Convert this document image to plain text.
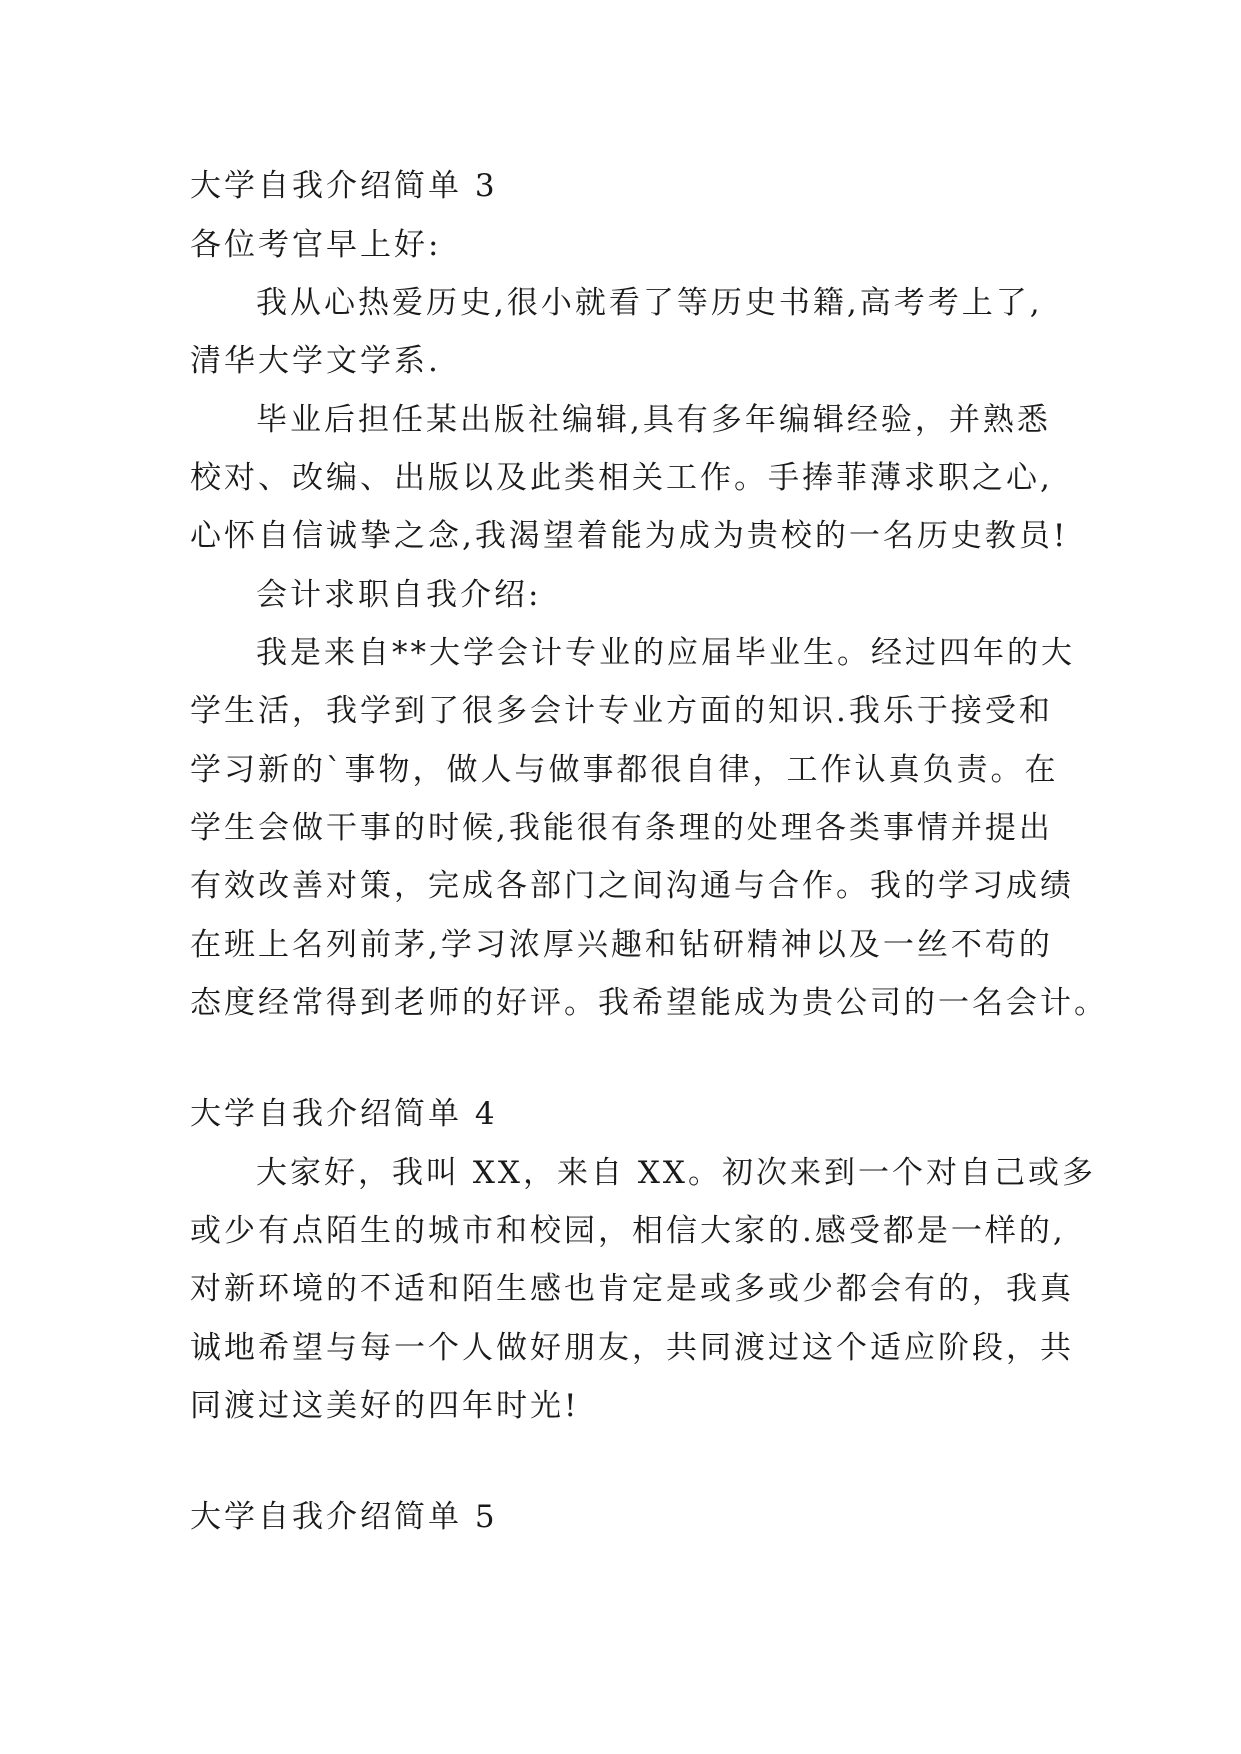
大学自我介绍简单 3
各位考官早上好:
我从心热爱历史,很小就看了等历史书籍,高考考上了,
清华大学文学系.
毕业后担任某出版社编辑,具有多年编辑经验，并熟悉
校对、改编、出版以及此类相关工作。手捧菲薄求职之心,
心怀自信诚挚之念,我渴望着能为成为贵校的一名历史教员!
会计求职自我介绍:
我是来自**大学会计专业的应届毕业生。经过四年的大
学生活，我学到了很多会计专业方面的知识.我乐于接受和
学习新的`事物，做人与做事都很自律，工作认真负责。在
学生会做干事的时候,我能很有条理的处理各类事情并提出
有效改善对策，完成各部门之间沟通与合作。我的学习成绩
在班上名列前茅,学习浓厚兴趣和钻研精神以及一丝不苟的
态度经常得到老师的好评。我希望能成为贵公司的一名会计。
大学自我介绍简单 4
大家好，我叫 XX，来自 XX。初次来到一个对自己或多
或少有点陌生的城市和校园，相信大家的.感受都是一样的,
对新环境的不适和陌生感也肯定是或多或少都会有的，我真
诚地希望与每一个人做好朋友，共同渡过这个适应阶段，共
同渡过这美好的四年时光!
大学自我介绍简单 5
